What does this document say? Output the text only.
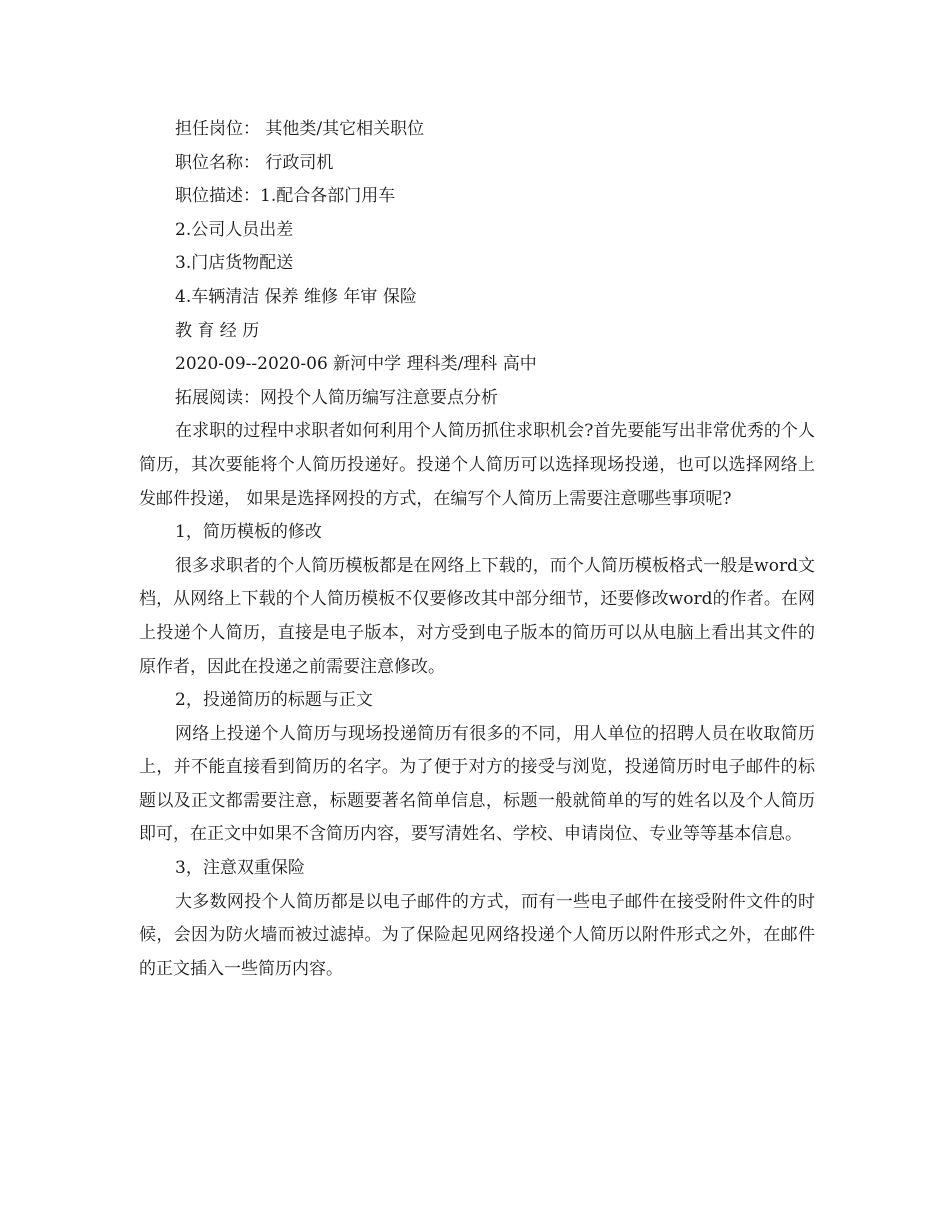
担任岗位： 其他类/其它相关职位

职位名称： 行政司机

职位描述：1.配合各部门用车

2.公司人员出差

3.门店货物配送

4.车辆清洁 保养 维修 年审 保险

教 育 经 历

2020-09--2020-06 新河中学 理科类/理科 高中

拓展阅读：网投个人简历编写注意要点分析

在求职的过程中求职者如何利用个人简历抓住求职机会?首先要能写出非常优秀的个人简历，其次要能将个人简历投递好。投递个人简历可以选择现场投递，也可以选择网络上发邮件投递， 如果是选择网投的方式，在编写个人简历上需要注意哪些事项呢?

1，简历模板的修改

很多求职者的个人简历模板都是在网络上下载的，而个人简历模板格式一般是word文档，从网络上下载的个人简历模板不仅要修改其中部分细节，还要修改word的作者。在网上投递个人简历，直接是电子版本，对方受到电子版本的简历可以从电脑上看出其文件的原作者，因此在投递之前需要注意修改。

2，投递简历的标题与正文

网络上投递个人简历与现场投递简历有很多的不同，用人单位的招聘人员在收取简历上，并不能直接看到简历的名字。为了便于对方的接受与浏览，投递简历时电子邮件的标题以及正文都需要注意，标题要著名简单信息，标题一般就简单的写的姓名以及个人简历即可，在正文中如果不含简历内容，要写清姓名、学校、申请岗位、专业等等基本信息。

3，注意双重保险

大多数网投个人简历都是以电子邮件的方式，而有一些电子邮件在接受附件文件的时候，会因为防火墙而被过滤掉。为了保险起见网络投递个人简历以附件形式之外，在邮件的正文插入一些简历内容。
